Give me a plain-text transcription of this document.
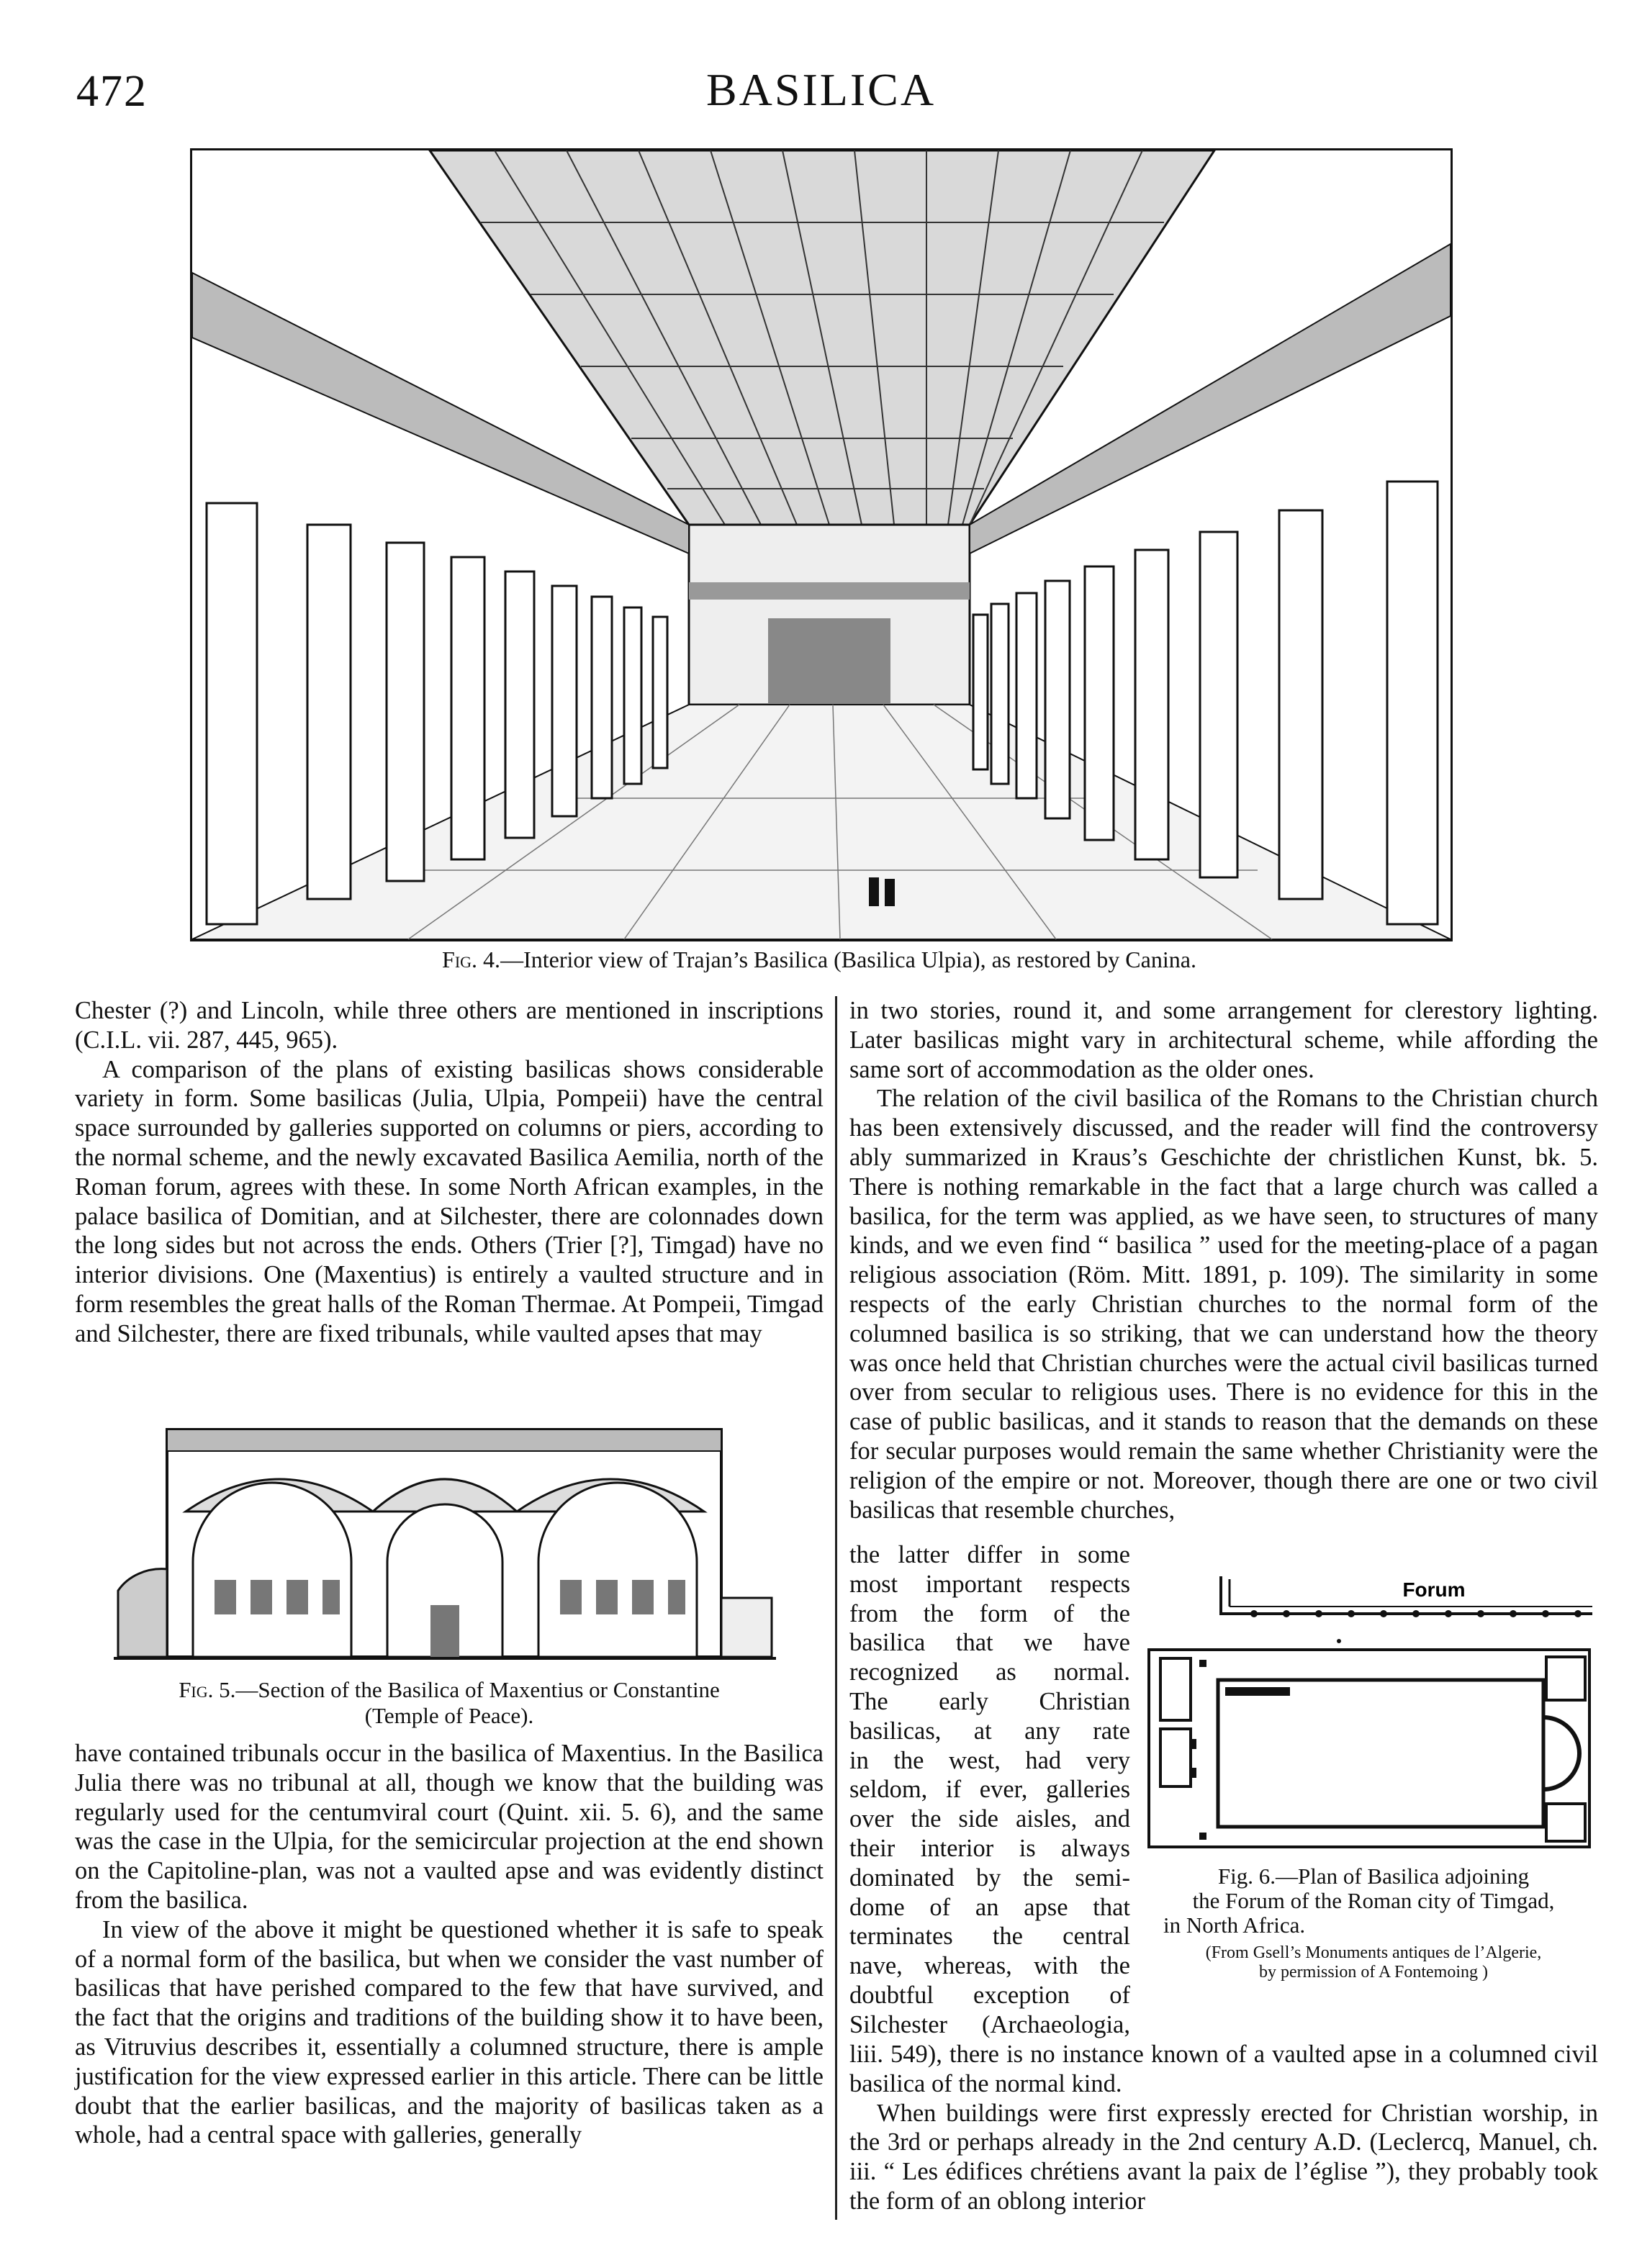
472	BASILICA
Fig. 4.—Interior view of Trajan’s Basilica (Basilica Ulpia), as restored by Canina.

Chester (?) and Lincoln, while three others are mentioned in inscriptions (C.I.L. vii. 287, 445, 965).

A comparison of the plans of existing basilicas shows considerable variety in form. Some basilicas (Julia, Ulpia, Pompeii) have the central space surrounded by galleries supported on columns or piers, according to the normal scheme, and the newly excavated Basilica Aemilia, north of the Roman forum, agrees with these. In some North African examples, in the palace basilica of Domitian, and at Silchester, there are colonnades down the long sides but not across the ends. Others (Trier [?], Timgad) have no interior divisions. One (Maxentius) is entirely a vaulted structure and in form resembles the great halls of the Roman Thermae. At Pompeii, Timgad and Silchester, there are fixed tribunals, while vaulted apses that may

Fig. 5.—Section of the Basilica of Maxentius or Constantine
(Temple of Peace).

have contained tribunals occur in the basilica of Maxentius. In the Basilica Julia there was no tribunal at all, though we know that the building was regularly used for the centumviral court (Quint. xii. 5. 6), and the same was the case in the Ulpia, for the semicircular projection at the end shown on the Capitoline-plan, was not a vaulted apse and was evidently distinct from the basilica.

In view of the above it might be questioned whether it is safe to speak of a normal form of the basilica, but when we consider the vast number of basilicas that have perished compared to the few that have survived, and the fact that the origins and traditions of the building show it to have been, as Vitruvius describes it, essentially a columned structure, there is ample justification for the view expressed earlier in this article. There can be little doubt that the earlier basilicas, and the majority of basilicas taken as a whole, had a central space with galleries, generally

in two stories, round it, and some arrangement for clerestory lighting. Later basilicas might vary in architectural scheme, while affording the same sort of accommodation as the older ones.

The relation of the civil basilica of the Romans to the Christian church has been extensively discussed, and the reader will find the controversy ably summarized in Kraus’s Geschichte der christlichen Kunst, bk. 5. There is nothing remarkable in the fact that a large church was called a basilica, for the term was applied, as we have seen, to structures of many kinds, and we even find “ basilica ” used for the meeting-place of a pagan religious association (Röm. Mitt. 1891, p. 109). The similarity in some respects of the early Christian churches to the normal form of the columned basilica is so striking, that we can understand how the theory was once held that Christian churches were the actual civil basilicas turned over from secular to religious uses. There is no evidence for this in the case of public basilicas, and it stands to reason that the demands on these for secular purposes would remain the same whether Christianity were the religion of the empire or not. Moreover, though there are one or two civil basilicas that resemble churches,

the latter differ in some
most important respects
from the form of the
basilica that we have
recognized as normal.
The early Christian
basilicas, at any rate
in the west, had very
seldom, if ever, galleries
over the side aisles, and
their interior is always
dominated by the semi-
dome of an apse that
terminates the central
nave, whereas, with the
doubtful exception of
Silchester (Archaeologia,
Forum
Fig. 6.—Plan of Basilica adjoining
the Forum of the Roman city of Timgad,
in North Africa.
(From Gsell’s Monuments antiques de l’Algerie,
by permission of A Fontemoing )

liii. 549), there is no instance known of a vaulted apse in a columned civil basilica of the normal kind.

When buildings were first expressly erected for Christian worship, in the 3rd or perhaps already in the 2nd century A.D. (Leclercq, Manuel, ch. iii. “ Les édifices chrétiens avant la paix de l’église ”), they probably took the form of an oblong interior
